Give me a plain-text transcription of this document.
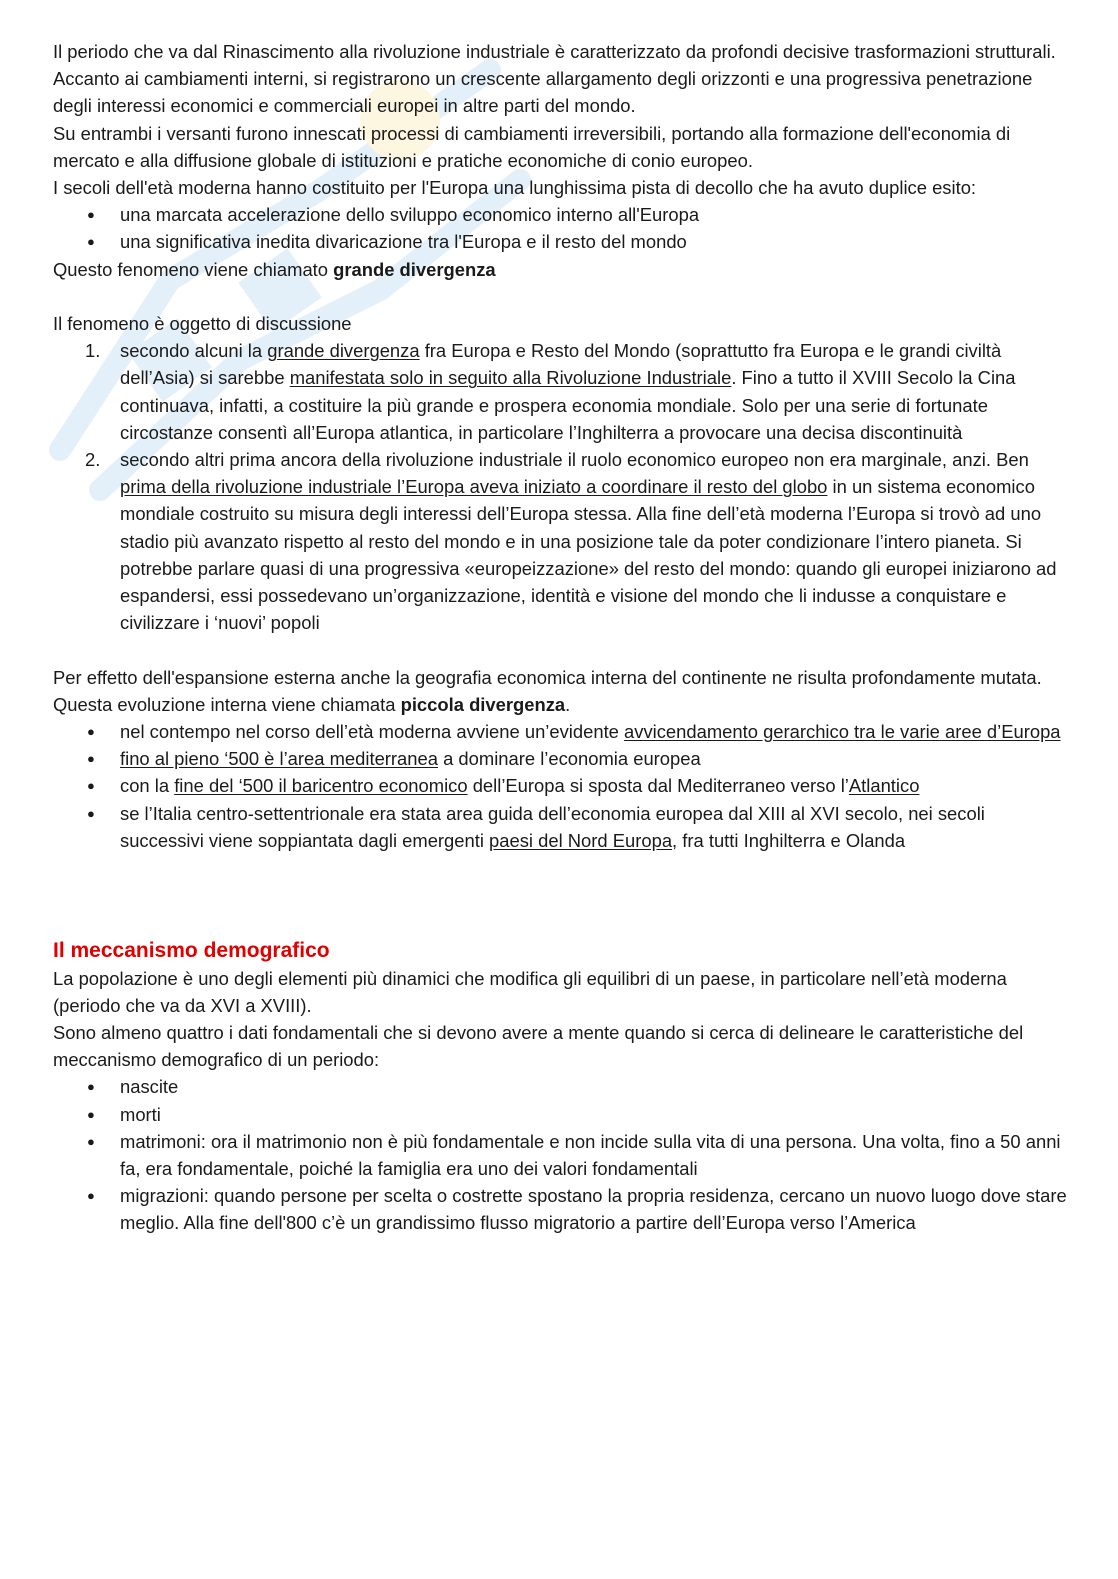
Il periodo che va dal Rinascimento alla rivoluzione industriale è caratterizzato da profondi decisive trasformazioni strutturali. Accanto ai cambiamenti interni, si registrarono un crescente allargamento degli orizzonti e una progressiva penetrazione degli interessi economici e commerciali europei in altre parti del mondo.

Su entrambi i versanti furono innescati processi di cambiamenti irreversibili, portando alla formazione dell'economia di mercato e alla diffusione globale di istituzioni e pratiche economiche di conio europeo.

I secoli dell'età moderna hanno costituito per l'Europa una lunghissima pista di decollo che ha avuto duplice esito:

● una marcata accelerazione dello sviluppo economico interno all'Europa
● una significativa inedita divaricazione tra l'Europa e il resto del mondo

Questo fenomeno viene chiamato grande divergenza

Il fenomeno è oggetto di discussione

1. secondo alcuni la grande divergenza fra Europa e Resto del Mondo (soprattutto fra Europa e le grandi civiltà dell’Asia) si sarebbe manifestata solo in seguito alla Rivoluzione Industriale. Fino a tutto il XVIII Secolo la Cina continuava, infatti, a costituire la più grande e prospera economia mondiale. Solo per una serie di fortunate circostanze consentì all’Europa atlantica, in particolare l’Inghilterra a provocare una decisa discontinuità
2. secondo altri prima ancora della rivoluzione industriale il ruolo economico europeo non era marginale, anzi. Ben prima della rivoluzione industriale l’Europa aveva iniziato a coordinare il resto del globo in un sistema economico mondiale costruito su misura degli interessi dell’Europa stessa. Alla fine dell’età moderna l’Europa si trovò ad uno stadio più avanzato rispetto al resto del mondo e in una posizione tale da poter condizionare l’intero pianeta. Si potrebbe parlare quasi di una progressiva «europeizzazione» del resto del mondo: quando gli europei iniziarono ad espandersi, essi possedevano un’organizzazione, identità e visione del mondo che li indusse a conquistare e civilizzare i ‘nuovi’ popoli

Per effetto dell'espansione esterna anche la geografia economica interna del continente ne risulta profondamente mutata. Questa evoluzione interna viene chiamata piccola divergenza.

● nel contempo nel corso dell’età moderna avviene un’evidente avvicendamento gerarchico tra le varie aree d’Europa
● fino al pieno ‘500 è l’area mediterranea a dominare l’economia europea
● con la fine del ‘500 il baricentro economico dell’Europa si sposta dal Mediterraneo verso l’Atlantico
● se l’Italia centro-settentrionale era stata area guida dell’economia europea dal XIII al XVI secolo, nei secoli successivi viene soppiantata dagli emergenti paesi del Nord Europa, fra tutti Inghilterra e Olanda
Il meccanismo demografico

La popolazione è uno degli elementi più dinamici che modifica gli equilibri di un paese, in particolare nell’età moderna (periodo che va da XVI a XVIII).

Sono almeno quattro i dati fondamentali che si devono avere a mente quando si cerca di delineare le caratteristiche del meccanismo demografico di un periodo:

● nascite
● morti
● matrimoni: ora il matrimonio non è più fondamentale e non incide sulla vita di una persona. Una volta, fino a 50 anni fa, era fondamentale, poiché la famiglia era uno dei valori fondamentali
● migrazioni: quando persone per scelta o costrette spostano la propria residenza, cercano un nuovo luogo dove stare meglio. Alla fine dell'800 c’è un grandissimo flusso migratorio a partire dell’Europa verso l’America
